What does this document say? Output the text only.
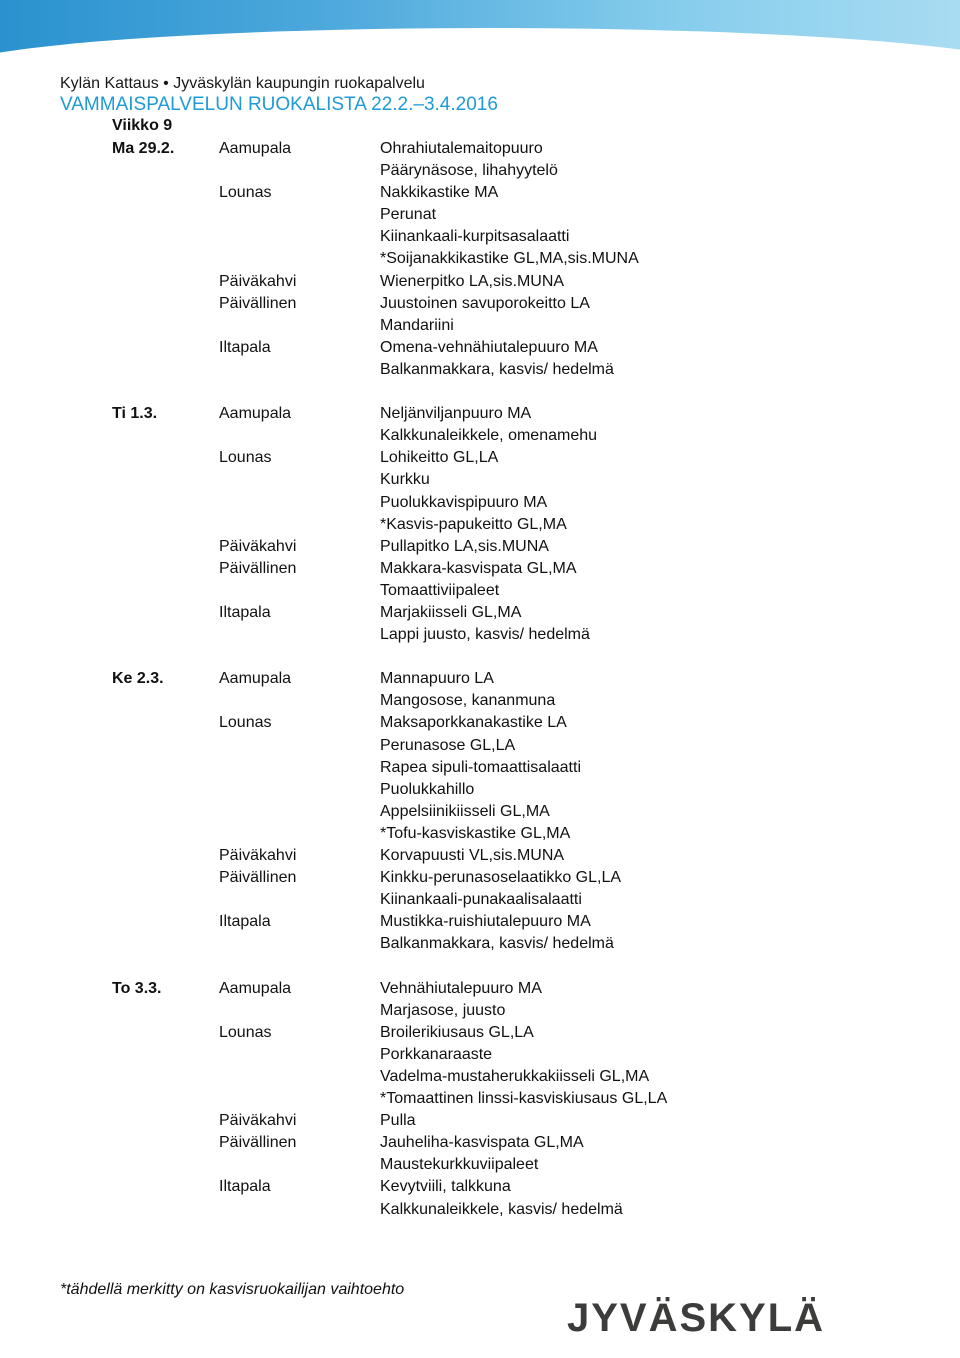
Kylän Kattaus • Jyväskylän kaupungin ruokapalvelu
VAMMAISPALVELUN RUOKALISTA 22.2.–3.4.2016
Viikko 9
Ma 29.2.	Aamupala	Ohrahiutalemaitopuuro
Päärynäsose, lihahyytelö
Lounas	Nakkikastike MA
Perunat
Kiinankaali-kurpitsasalaatti
*Soijanakkikastike GL,MA,sis.MUNA
Päiväkahvi	Wienerpitko LA,sis.MUNA
Päivällinen	Juustoinen savuporokeitto LA
Mandariini
Iltapala	Omena-vehnähiutalepuuro MA
Balkanmakkara, kasvis/ hedelmä
Ti 1.3.	Aamupala	Neljänviljanpuuro MA
Kalkkunaleikkele, omenamehu
Lounas	Lohikeitto GL,LA
Kurkku
Puolukkavispipuuro MA
*Kasvis-papukeitto GL,MA
Päiväkahvi	Pullapitko LA,sis.MUNA
Päivällinen	Makkara-kasvispata GL,MA
Tomaattiviipaleet
Iltapala	Marjakiisseli GL,MA
Lappi juusto, kasvis/ hedelmä
Ke 2.3.	Aamupala	Mannapuuro LA
Mangosose, kananmuna
Lounas	Maksaporkkanakastike LA
Perunasose GL,LA
Rapea sipuli-tomaattisalaatti
Puolukkahillo
Appelsiinikiisseli GL,MA
*Tofu-kasviskastike GL,MA
Päiväkahvi	Korvapuusti VL,sis.MUNA
Päivällinen	Kinkku-perunasoselaatikko GL,LA
Kiinankaali-punakaalisalaatti
Iltapala	Mustikka-ruishiutalepuuro MA
Balkanmakkara, kasvis/ hedelmä
To 3.3.	Aamupala	Vehnähiutalepuuro MA
Marjasose, juusto
Lounas	Broilerikiusaus GL,LA
Porkkanaraaste
Vadelma-mustaherukkakiisseli GL,MA
*Tomaattinen linssi-kasviskiusaus GL,LA
Päiväkahvi	Pulla
Päivällinen	Jauheliha-kasvispata GL,MA
Maustekurkkuviipaleet
Iltapala	Kevytviili, talkkuna
Kalkkunaleikkele, kasvis/ hedelmä
*tähdellä merkitty on kasvisruokailijan vaihtoehto
JYVÄSKYLÄ
